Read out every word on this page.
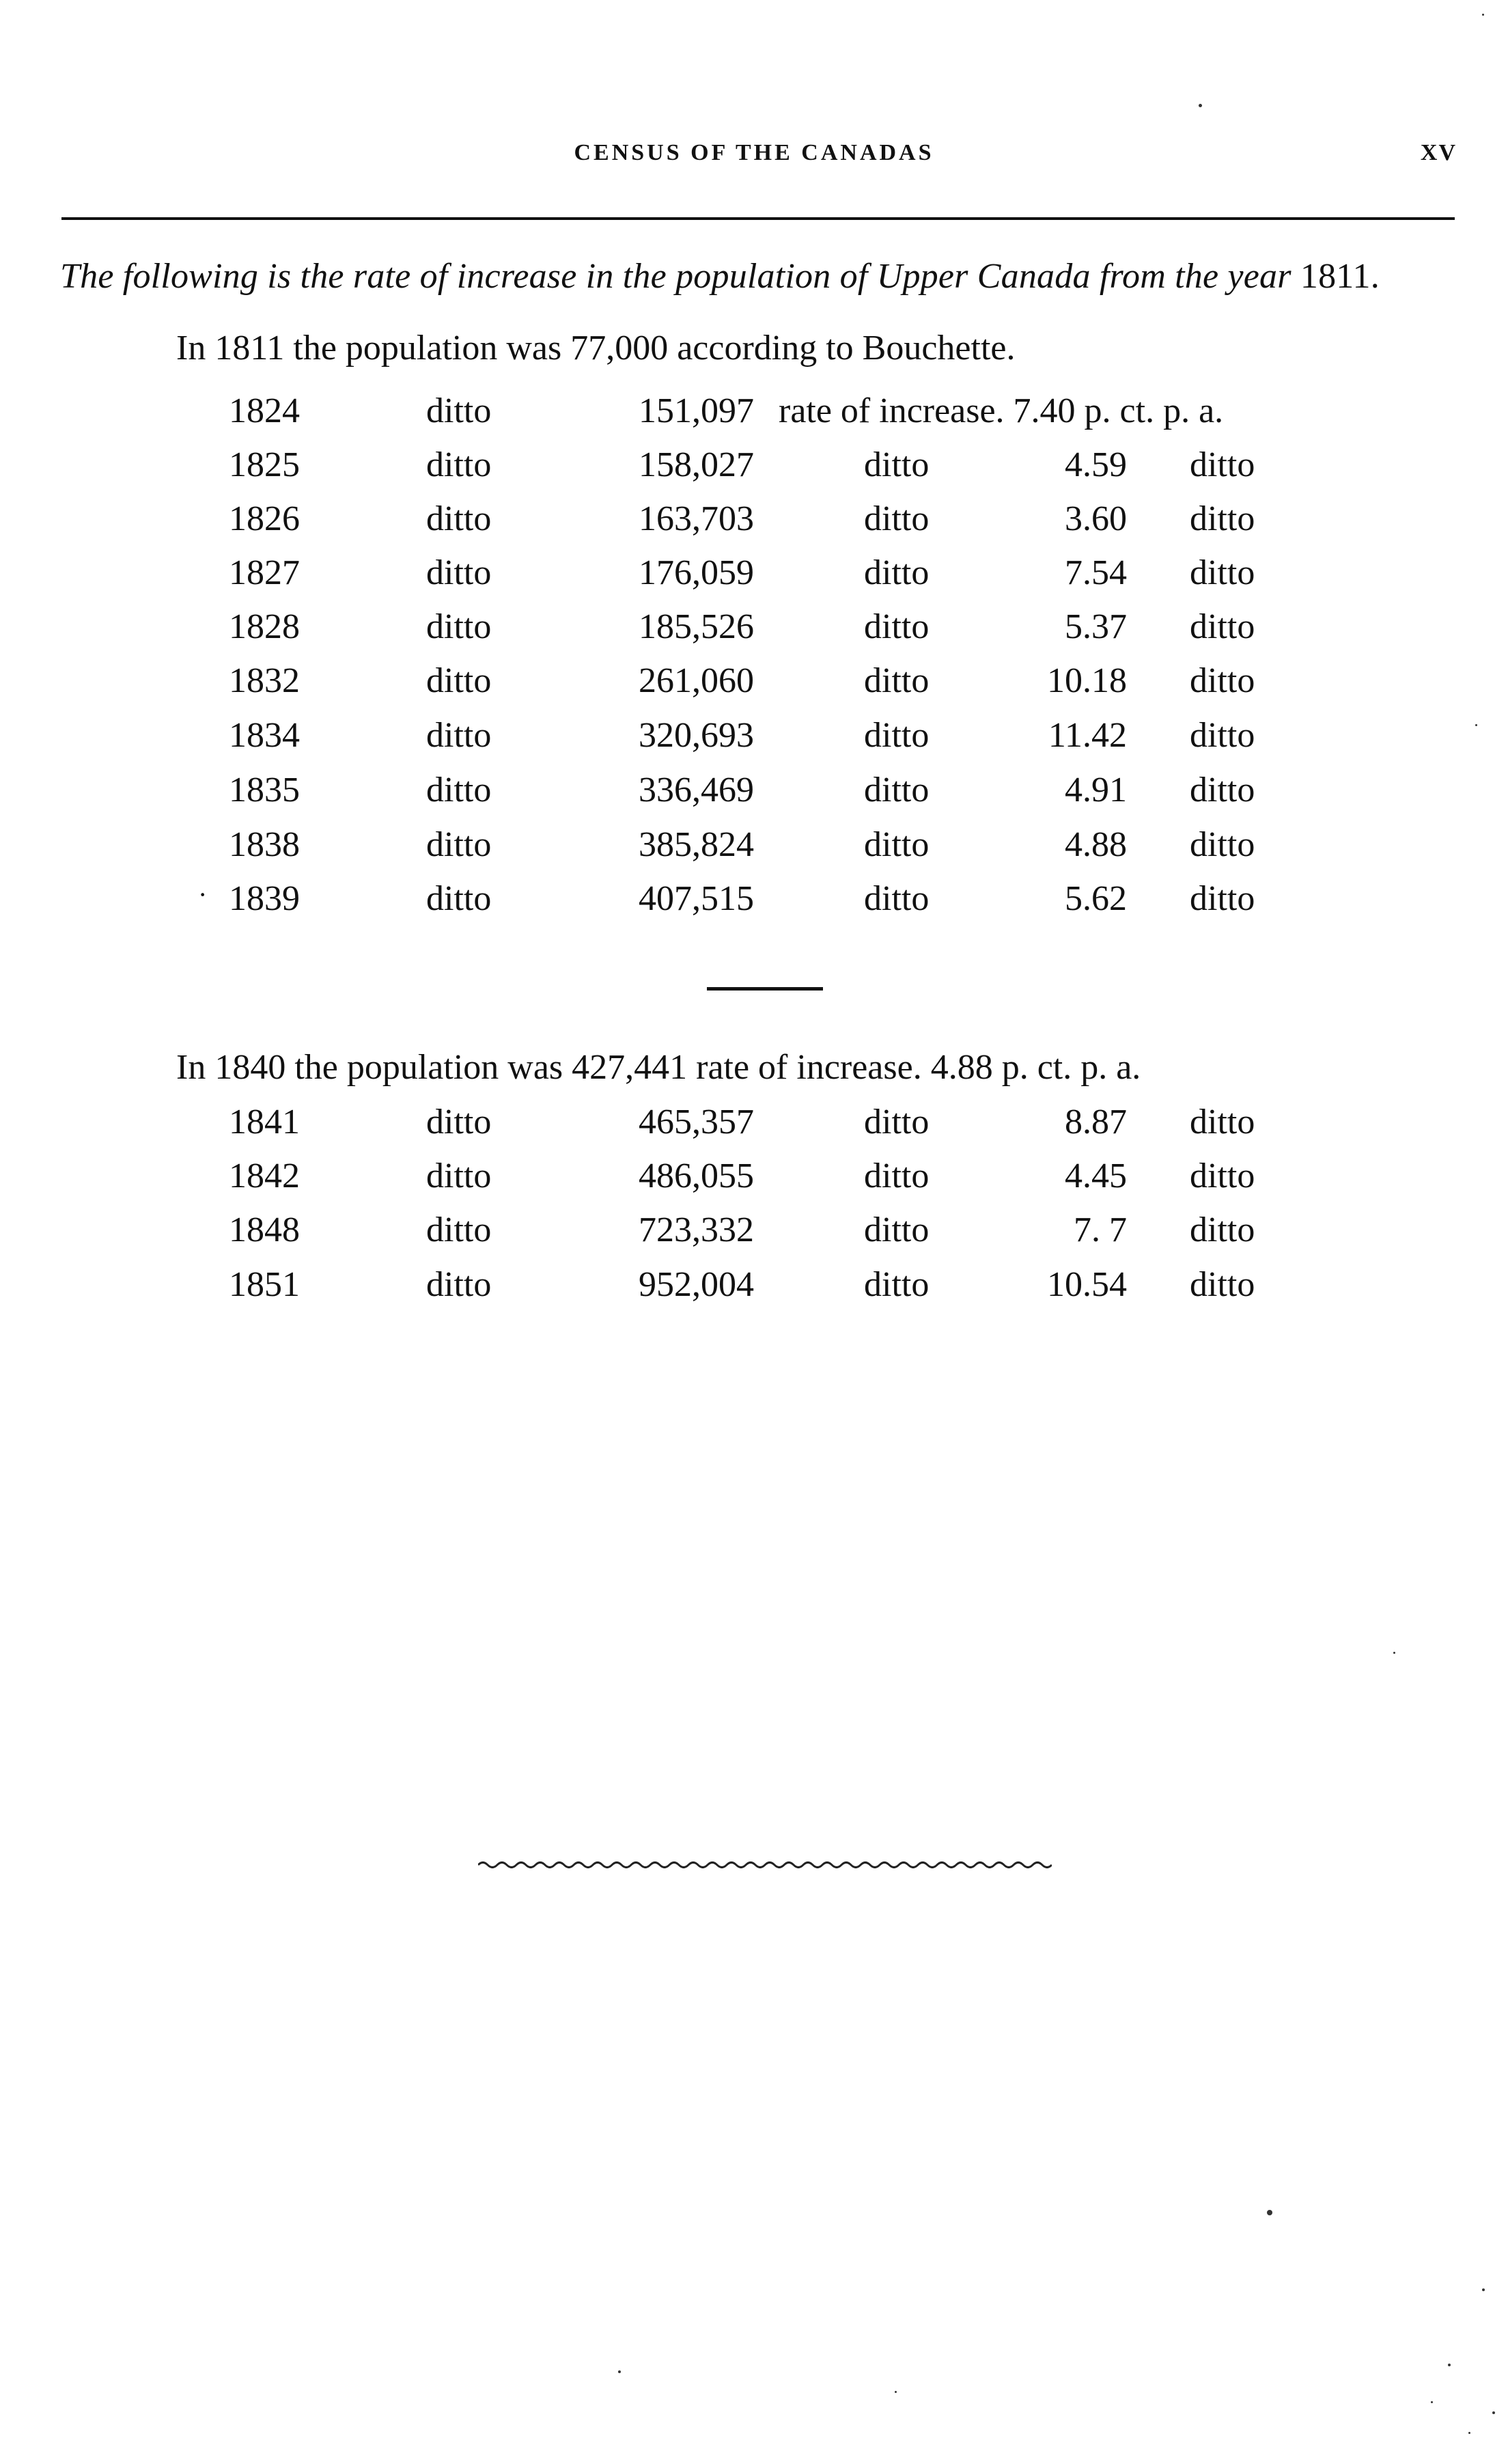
CENSUS OF THE CANADAS	XV
The following is the rate of increase in the population of Upper Canada from the year 1811.
In 1811 the population was 77,000 according to Bouchette.
1824	ditto	151,097 rate of increase. 7.40 p. ct. p. a.
1825	ditto	158,027	ditto	4.59 ditto
1826	ditto	163,703	ditto	3.60 ditto
1827	ditto	176,059	ditto	7.54 ditto
1828	ditto	185,526	ditto	5.37 ditto
1832	ditto	261,060	ditto	10.18 ditto
1834	ditto	320,693	ditto	11.42 ditto
1835	ditto	336,469	ditto	4.91 ditto
1838	ditto	385,824	ditto	4.88 ditto
· 1839	ditto	407,515	ditto	5.62 ditto
In 1840 the population was 427,441 rate of increase. 4.88 p. ct. p. a.
1841	ditto	465,357	ditto	8.87 ditto
1842	ditto	486,055	ditto	4.45 ditto
1848	ditto	723,332	ditto	7. 7 ditto
1851	ditto	952,004	ditto	10.54 ditto
